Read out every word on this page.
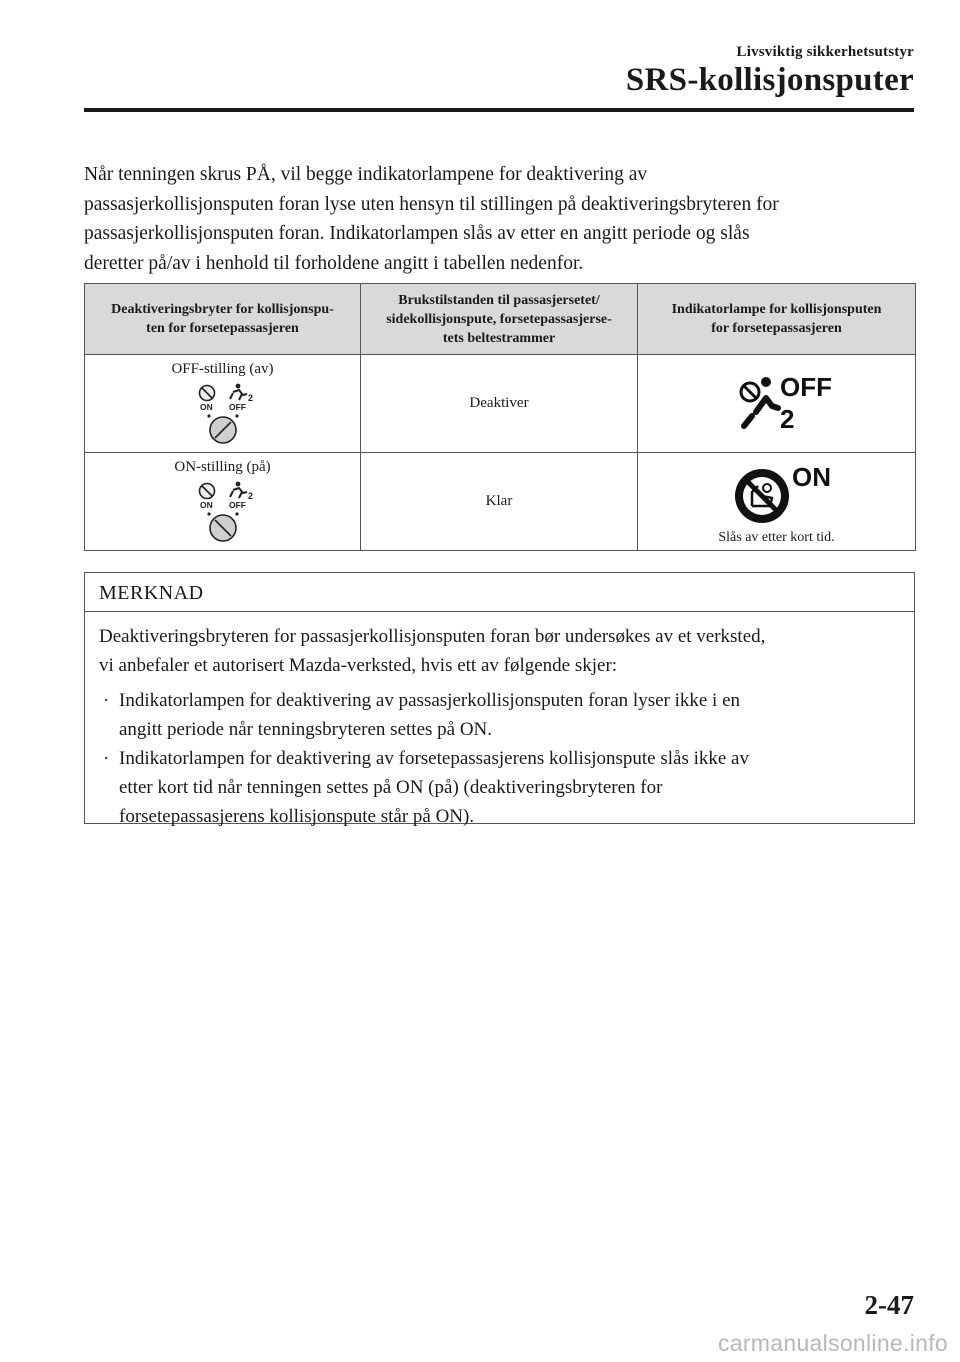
Livsviktig sikkerhetsutstyr
SRS-kollisjonsputer

Når tenningen skrus PÅ, vil begge indikatorlampene for deaktivering av

passasjerkollisjonsputen foran lyse uten hensyn til stillingen på deaktiveringsbryteren for

passasjerkollisjonsputen foran. Indikatorlampen slås av etter en angitt periode og slås

deretter på/av i henhold til forholdene angitt i tabellen nedenfor.

Deaktiveringsbryter for kollisjonspu-
ten for forsetepassasjeren	Brukstilstanden til passasjersetet/
sidekollisjonspute, forsetepassasjerse-
tets beltestrammer	Indikatorlampe for kollisjonsputen
for forsetepassasjeren

OFF-stilling (av)
2
ON OFF	Deaktiver	OFF
2

ON-stilling (på)
2
ON OFF	Klar	ON
Slås av etter kort tid.
MERKNAD

Deaktiveringsbryteren for passasjerkollisjonsputen foran bør undersøkes av et verksted,

vi anbefaler et autorisert Mazda-verksted, hvis ett av følgende skjer:

· Indikatorlampen for deaktivering av passasjerkollisjonsputen foran lyser ikke i en
angitt periode når tenningsbryteren settes på ON.
· Indikatorlampen for deaktivering av forsetepassasjerens kollisjonspute slås ikke av
etter kort tid når tenningen settes på ON (på) (deaktiveringsbryteren for
forsetepassasjerens kollisjonspute står på ON).
2-47
carmanualsonline.info
